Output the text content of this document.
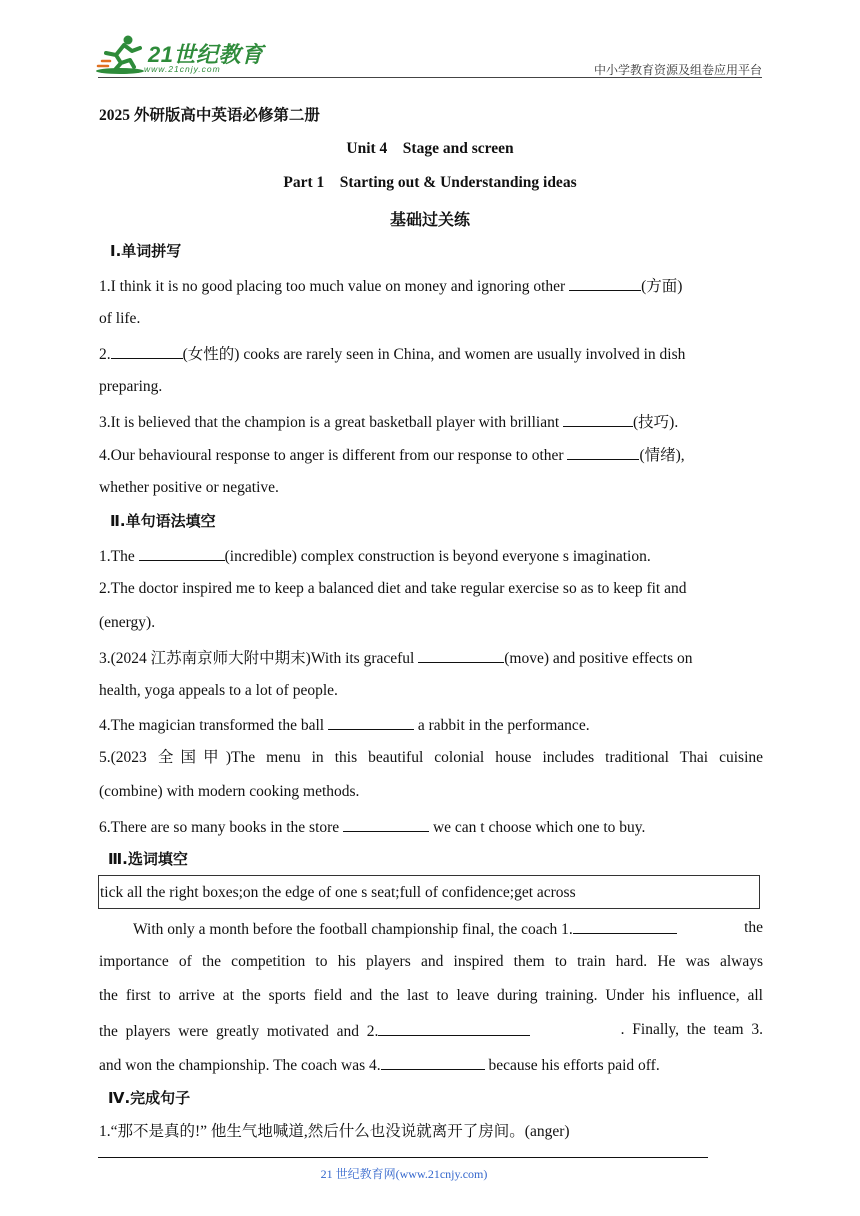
21世纪教育
www.21cnjy.com	中小学教育资源及组卷应用平台
2025 外研版高中英语必修第二册
Unit 4    Stage and screen
Part 1    Starting out & Understanding ideas
基础过关练
Ⅰ.单词拼写
1.I think it is no good placing too much value on money and ignoring other	(方面)
of life.
2.	(女性的) cooks are rarely seen in China, and women are usually involved in dish
preparing.
3.It is believed that the champion is a great basketball player with brilliant	(技巧).
4.Our behavioural response to anger is different from our response to other	(情绪),
whether positive or negative.
Ⅱ.单句语法填空
1.The	(incredible) complex construction is beyond everyone s imagination.
2.The doctor inspired me to keep a balanced diet and take regular exercise so as to keep fit and
(energy).
3.(2024 江苏南京师大附中期末)With its graceful	(move) and positive effects on
health, yoga appeals to a lot of people.
4.The magician transformed the ball	a rabbit in the performance.
5.(2023 全国甲)The menu in this beautiful colonial house includes traditional Thai cuisine
(combine) with modern cooking methods.
6.There are so many books in the store	we can t choose which one to buy.
Ⅲ.选词填空
tick all the right boxes;on the edge of one s seat;full of confidence;get across
With only a month before the football championship final, the coach 1.	the
importance of the competition to his players and inspired them to train hard. He was always
the first to arrive at the sports field and the last to leave during training. Under his influence, all
the  players  were  greatly  motivated  and  2.	.  Finally,  the  team  3.
and won the championship. The coach was 4.	because his efforts paid off.
Ⅳ.完成句子
1.“那不是真的!” 他生气地喊道,然后什么也没说就离开了房间。(anger)
21 世纪教育网(www.21cnjy.com)
